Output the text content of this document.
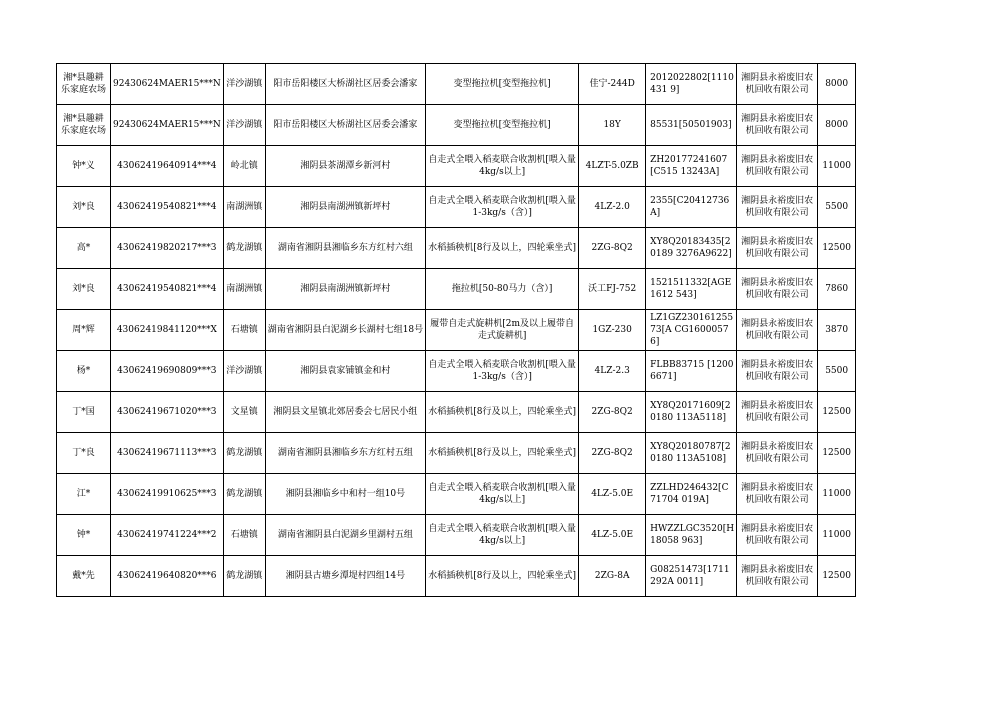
湘*县趣耕乐家庭农场	92430624MAER15***N	洋沙湖镇	阳市岳阳楼区大桥湖社区居委会潘家	变型拖拉机[变型拖拉机]	佳宁-244D	2012022802[1110431 9]	湘阴县永裕废旧农机回收有限公司	8000
湘*县趣耕乐家庭农场	92430624MAER15***N	洋沙湖镇	阳市岳阳楼区大桥湖社区居委会潘家	变型拖拉机[变型拖拉机]	18Y	85531[50501903]	湘阴县永裕废旧农机回收有限公司	8000
钟*义	43062419640914***4	岭北镇	湘阴县茶湖潭乡新河村	自走式全喂入稻麦联合收割机[喂入量4kg/s以上]	4LZT-5.0ZB	ZH20177241607[C515 13243A]	湘阴县永裕废旧农机回收有限公司	11000
刘*良	43062419540821***4	南湖洲镇	湘阴县南湖洲镇新坪村	自走式全喂入稻麦联合收割机[喂入量1-3kg/s（含）]	4LZ-2.0	2355[C20412736A]	湘阴县永裕废旧农机回收有限公司	5500
高*	43062419820217***3	鹤龙湖镇	湖南省湘阴县湘临乡东方红村六组	水稻插秧机[8行及以上，四轮乘坐式]	2ZG-8Q2	XY8Q20183435[20189 3276A9622]	湘阴县永裕废旧农机回收有限公司	12500
刘*良	43062419540821***4	南湖洲镇	湘阴县南湖洲镇新坪村	拖拉机[50-80马力（含）]	沃工FJ-752	1521511332[AGE1612 543]	湘阴县永裕废旧农机回收有限公司	7860
周*辉	43062419841120***X	石塘镇	湖南省湘阴县白泥湖乡长湖村七组18号	履带自走式旋耕机[2m及以上履带自走式旋耕机]	1GZ-230	LZ1GZ23016125573[A CG16000576]	湘阴县永裕废旧农机回收有限公司	3870
杨*	43062419690809***3	洋沙湖镇	湘阴县袁家铺镇金和村	自走式全喂入稻麦联合收割机[喂入量1-3kg/s（含）]	4LZ-2.3	FLBB83715 [12006671]	湘阴县永裕废旧农机回收有限公司	5500
丁*国	43062419671020***3	文星镇	湘阴县文星镇北郊居委会七居民小组	水稻插秧机[8行及以上，四轮乘坐式]	2ZG-8Q2	XY8Q20171609[20180 113A5118]	湘阴县永裕废旧农机回收有限公司	12500
丁*良	43062419671113***3	鹤龙湖镇	湖南省湘阴县湘临乡东方红村五组	水稻插秧机[8行及以上，四轮乘坐式]	2ZG-8Q2	XY8Q20180787[20180 113A5108]	湘阴县永裕废旧农机回收有限公司	12500
江*	43062419910625***3	鹤龙湖镇	湘阴县湘临乡中和村一组10号	自走式全喂入稻麦联合收割机[喂入量4kg/s以上]	4LZ-5.0E	ZZLHD246432[C71704 019A]	湘阴县永裕废旧农机回收有限公司	11000
钟*	43062419741224***2	石塘镇	湖南省湘阴县白泥湖乡里湖村五组	自走式全喂入稻麦联合收割机[喂入量4kg/s以上]	4LZ-5.0E	HWZZLGC3520[H18058 963]	湘阴县永裕废旧农机回收有限公司	11000
戴*先	43062419640820***6	鹤龙湖镇	湘阴县古塘乡潭堤村四组14号	水稻插秧机[8行及以上，四轮乘坐式]	2ZG-8A	G08251473[1711292A 0011]	湘阴县永裕废旧农机回收有限公司	12500
